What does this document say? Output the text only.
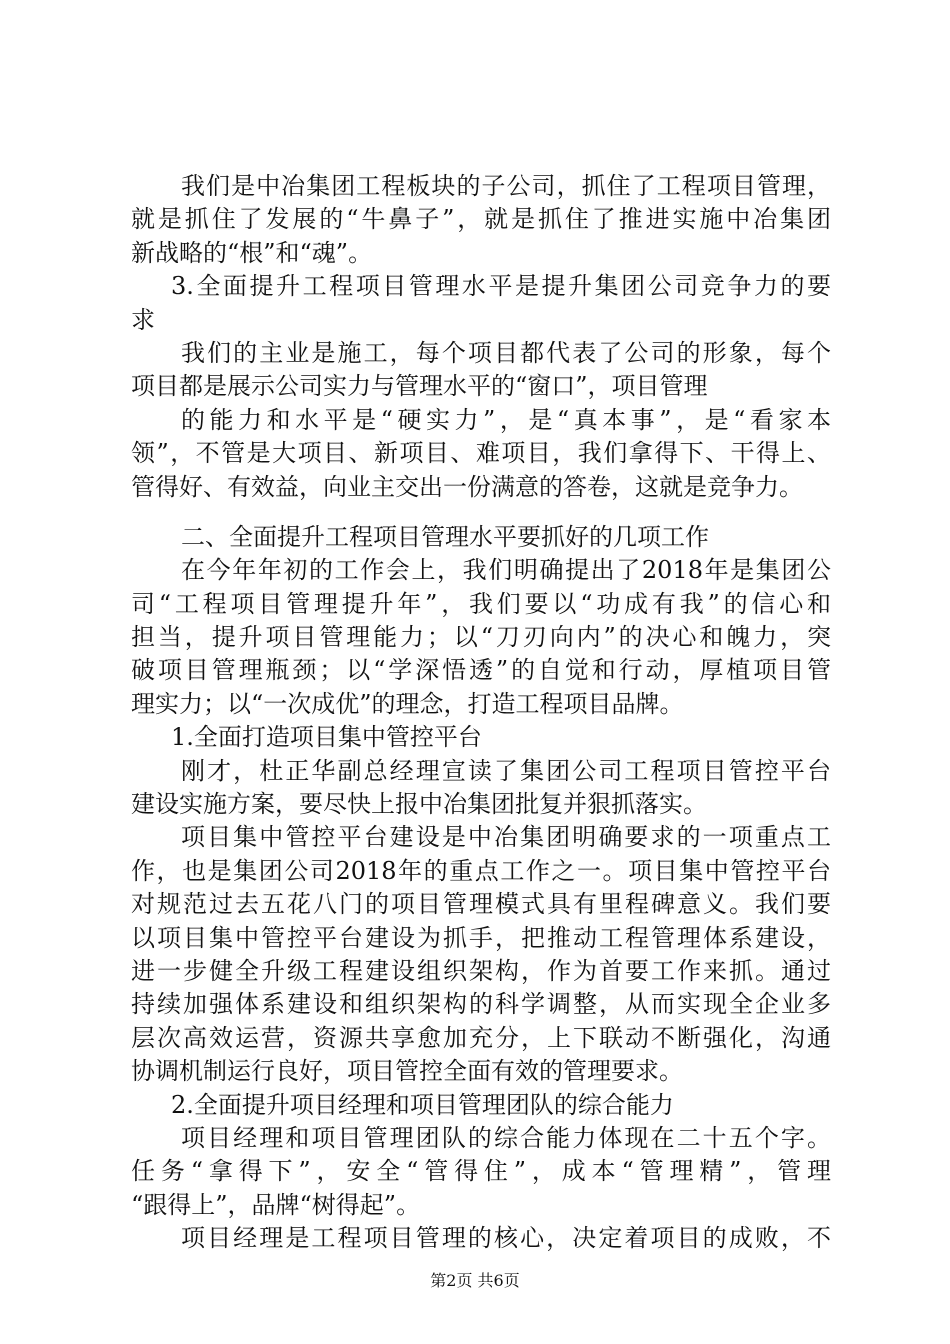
我们是中冶集团工程板块的子公司，抓住了工程项目管理，
就是抓住了发展的“牛鼻子”，就是抓住了推进实施中冶集团
新战略的“根”和“魂”。
3.全面提升工程项目管理水平是提升集团公司竞争力的要
求
我们的主业是施工，每个项目都代表了公司的形象，每个
项目都是展示公司实力与管理水平的“窗口”，项目管理
的能力和水平是“硬实力”，是“真本事”，是“看家本
领”，不管是大项目、新项目、难项目，我们拿得下、干得上、
管得好、有效益，向业主交出一份满意的答卷，这就是竞争力。
二、全面提升工程项目管理水平要抓好的几项工作
在今年年初的工作会上，我们明确提出了2018年是集团公
司“工程项目管理提升年”，我们要以“功成有我”的信心和
担当，提升项目管理能力；以“刀刃向内”的决心和魄力，突
破项目管理瓶颈；以“学深悟透”的自觉和行动，厚植项目管
理实力；以“一次成优”的理念，打造工程项目品牌。
1.全面打造项目集中管控平台
刚才，杜正华副总经理宣读了集团公司工程项目管控平台
建设实施方案，要尽快上报中冶集团批复并狠抓落实。
项目集中管控平台建设是中冶集团明确要求的一项重点工
作，也是集团公司2018年的重点工作之一。项目集中管控平台
对规范过去五花八门的项目管理模式具有里程碑意义。我们要
以项目集中管控平台建设为抓手，把推动工程管理体系建设，
进一步健全升级工程建设组织架构，作为首要工作来抓。通过
持续加强体系建设和组织架构的科学调整，从而实现全企业多
层次高效运营，资源共享愈加充分，上下联动不断强化，沟通
协调机制运行良好，项目管控全面有效的管理要求。
2.全面提升项目经理和项目管理团队的综合能力
项目经理和项目管理团队的综合能力体现在二十五个字。
任务“拿得下”，安全“管得住”，成本“管理精”，管理
“跟得上”，品牌“树得起”。
项目经理是工程项目管理的核心，决定着项目的成败，不
第2页 共6页
